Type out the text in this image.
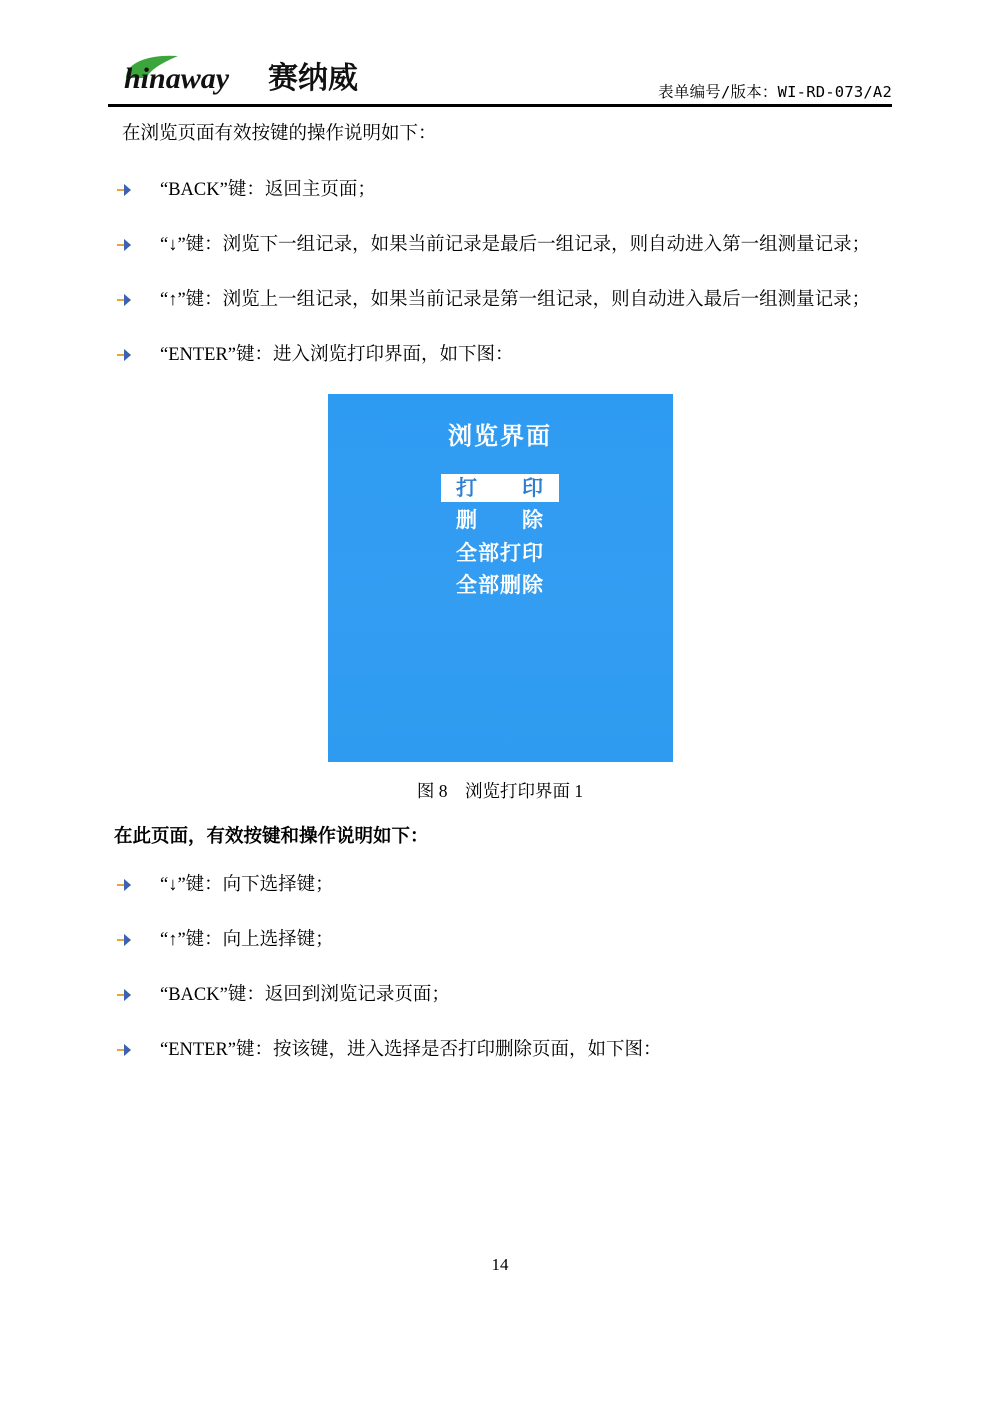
hinaway 赛纳威	表单编号/版本：WI-RD-073/A2

在浏览页面有效按键的操作说明如下：

“BACK”键：返回主页面；
“↓”键：浏览下一组记录，如果当前记录是最后一组记录，则自动进入第一组测量记录；
“↑”键：浏览上一组记录，如果当前记录是第一组记录，则自动进入最后一组测量记录；
“ENTER”键：进入浏览打印界面，如下图：
浏览界面
打　　印
删　　除
全部打印
全部删除
图 8　浏览打印界面 1

在此页面，有效按键和操作说明如下：

“↓”键：向下选择键；
“↑”键：向上选择键；
“BACK”键：返回到浏览记录页面；
“ENTER”键：按该键，进入选择是否打印删除页面，如下图：
14
